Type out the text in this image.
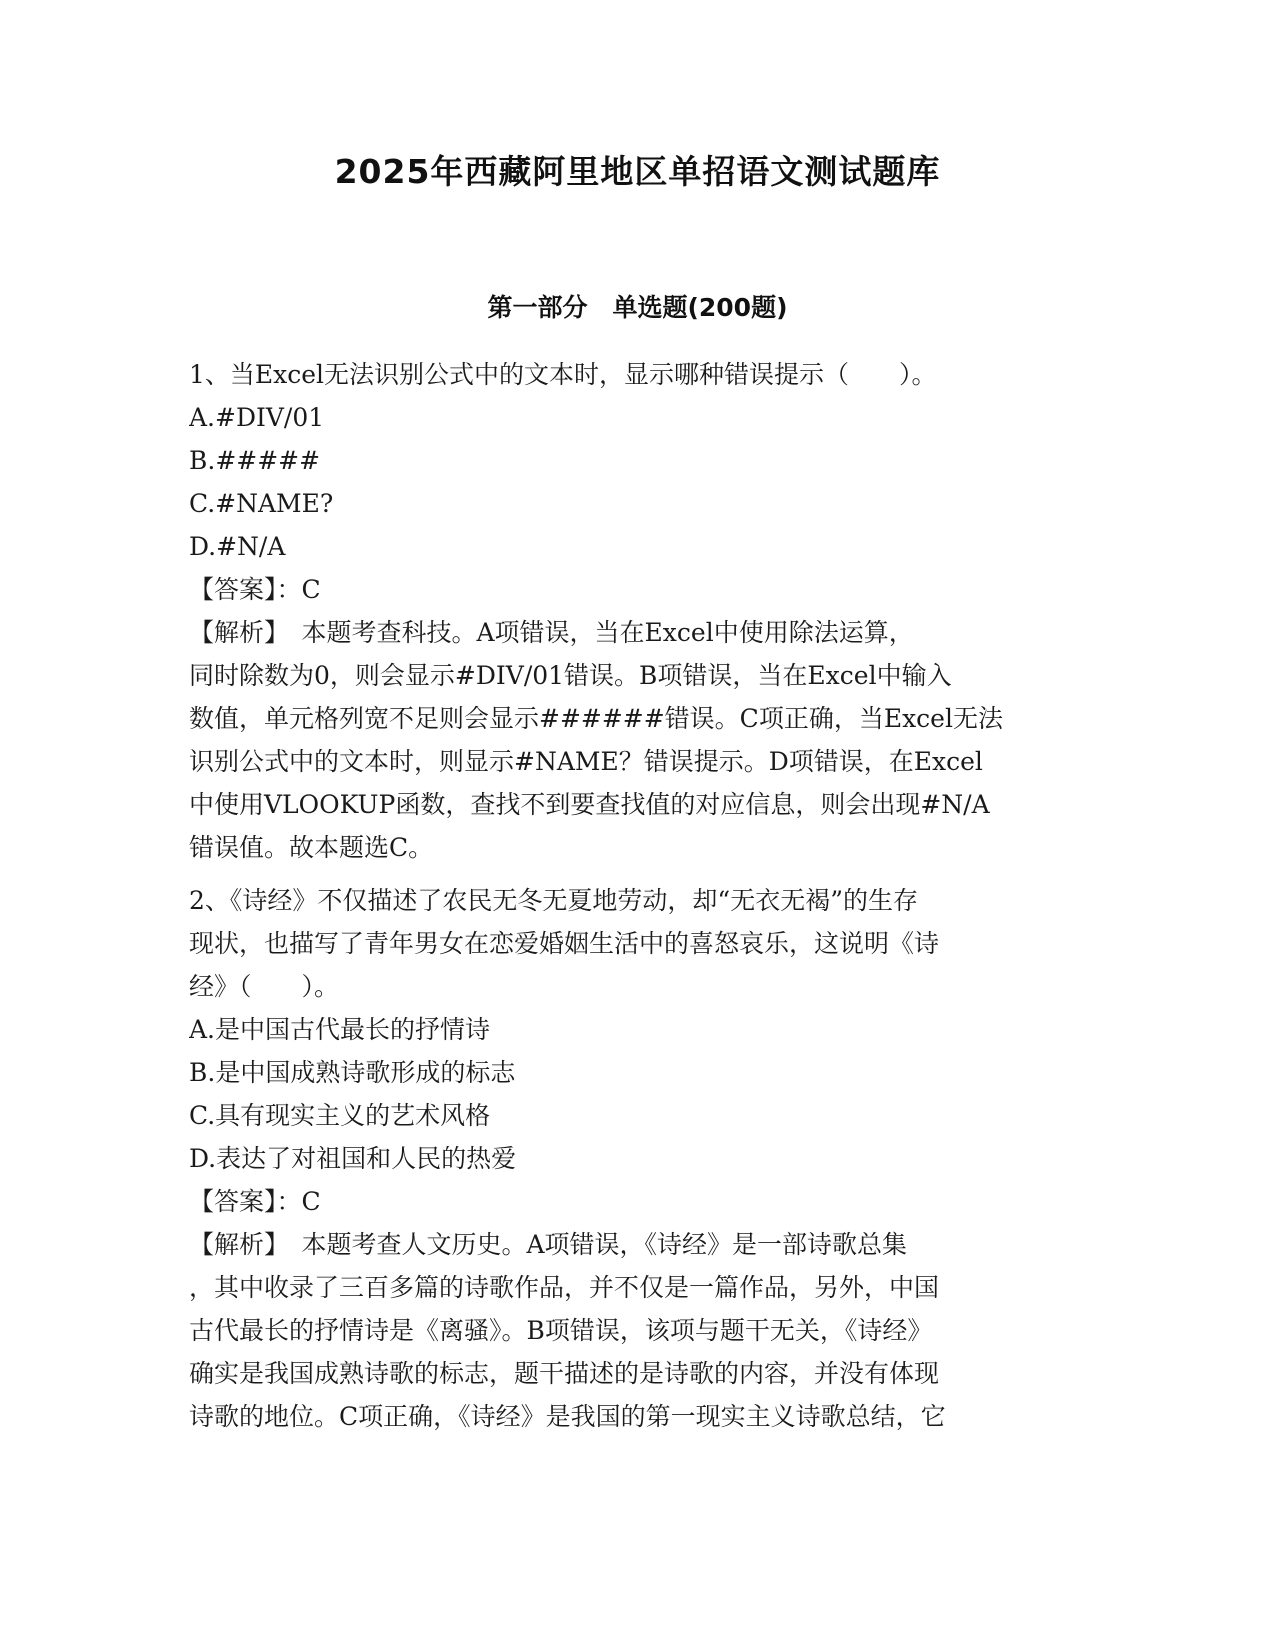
2025年西藏阿里地区单招语文测试题库
第一部分　单选题(200题)
1、当Excel无法识别公式中的文本时，显示哪种错误提示（　　）。
A.#DIV/01
B.#####
C.#NAME?
D.#N/A
【答案】：C
【解析】　本题考查科技。A项错误，当在Excel中使用除法运算，
同时除数为0，则会显示#DIV/01错误。B项错误，当在Excel中输入
数值，单元格列宽不足则会显示######错误。C项正确，当Excel无法
识别公式中的文本时，则显示#NAME？错误提示。D项错误，在Excel
中使用VLOOKUP函数，查找不到要查找值的对应信息，则会出现#N/A
错误值。故本题选C。
2、《诗经》不仅描述了农民无冬无夏地劳动，却“无衣无褐”的生存
现状，也描写了青年男女在恋爱婚姻生活中的喜怒哀乐，这说明《诗
经》（　　）。
A.是中国古代最长的抒情诗
B.是中国成熟诗歌形成的标志
C.具有现实主义的艺术风格
D.表达了对祖国和人民的热爱
【答案】：C
【解析】　本题考查人文历史。A项错误，《诗经》是一部诗歌总集
，其中收录了三百多篇的诗歌作品，并不仅是一篇作品，另外，中国
古代最长的抒情诗是《离骚》。B项错误，该项与题干无关，《诗经》
确实是我国成熟诗歌的标志，题干描述的是诗歌的内容，并没有体现
诗歌的地位。C项正确，《诗经》是我国的第一现实主义诗歌总结，它
